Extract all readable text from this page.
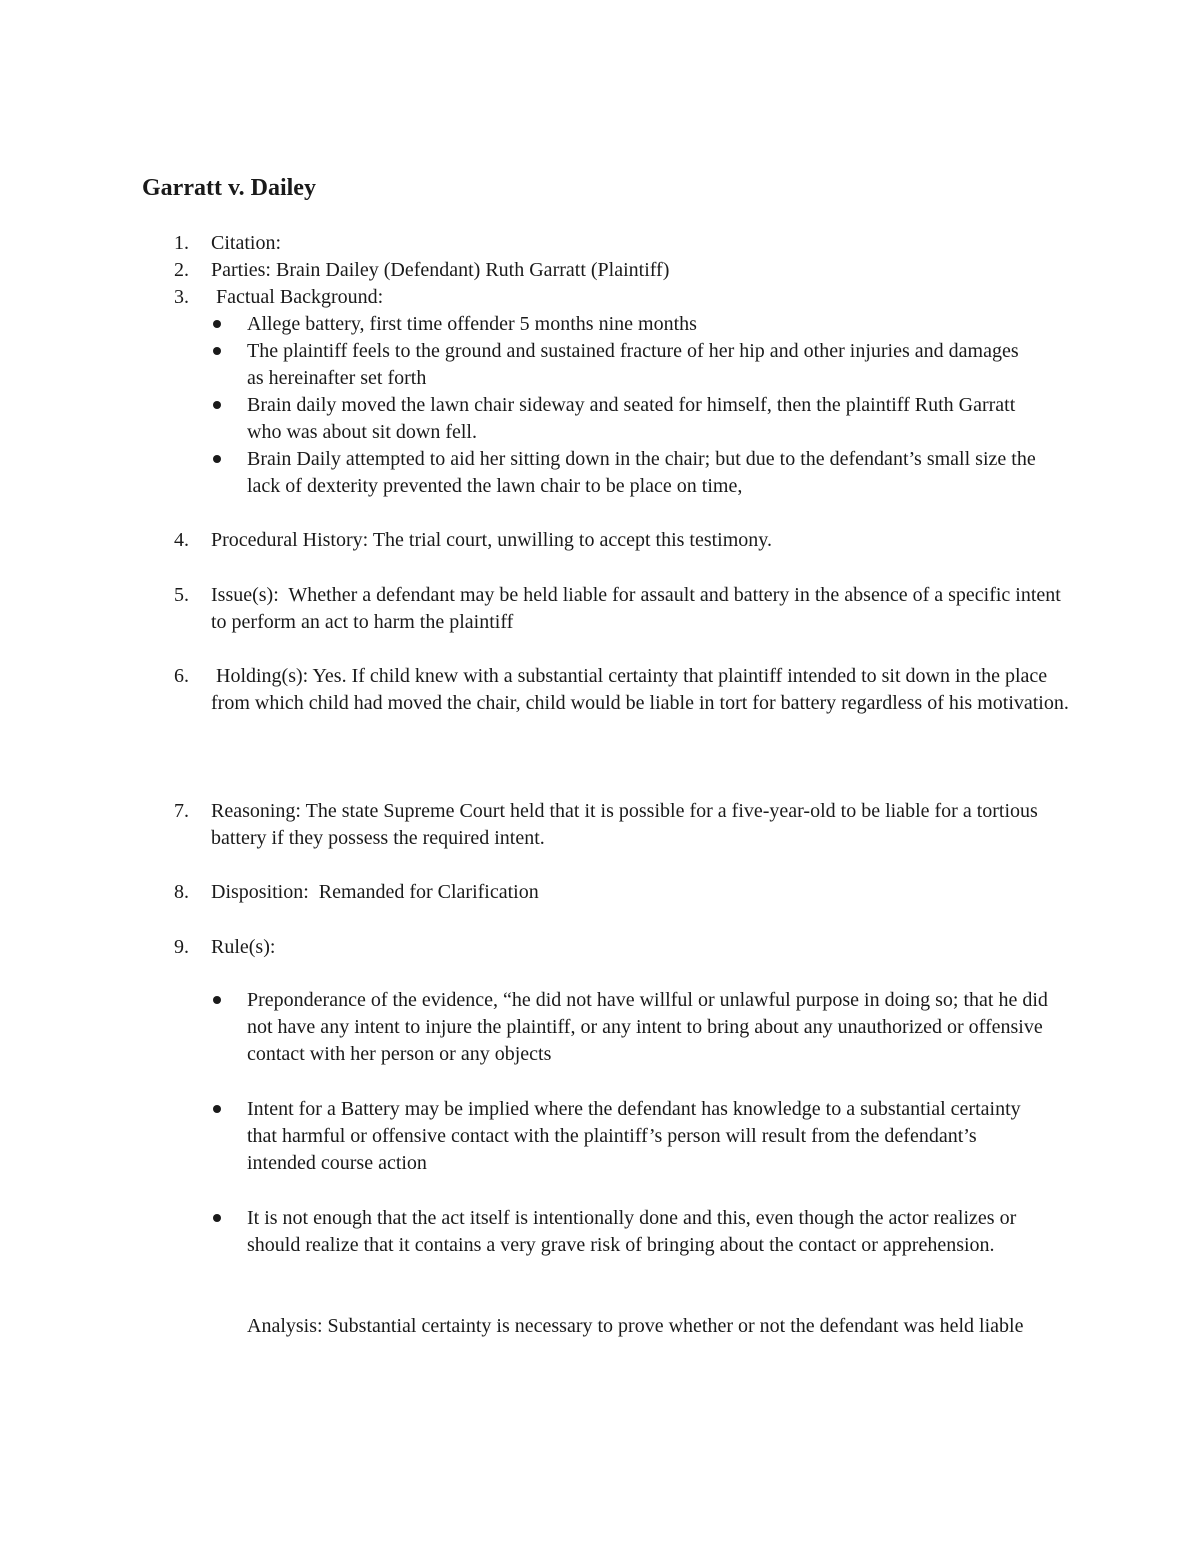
Garratt v. Dailey
1. Citation:
2. Parties: Brain Dailey (Defendant) Ruth Garratt (Plaintiff)
3. Factual Background:
Allege battery, first time offender 5 months nine months
The plaintiff feels to the ground and sustained fracture of her hip and other injuries and damages as hereinafter set forth
Brain daily moved the lawn chair sideway and seated for himself, then the plaintiff Ruth Garratt who was about sit down fell.
Brain Daily attempted to aid her sitting down in the chair; but due to the defendant’s small size the lack of dexterity prevented the lawn chair to be place on time,
4. Procedural History: The trial court, unwilling to accept this testimony.
5. Issue(s):  Whether a defendant may be held liable for assault and battery in the absence of a specific intent to perform an act to harm the plaintiff
6. Holding(s): Yes. If child knew with a substantial certainty that plaintiff intended to sit down in the place from which child had moved the chair, child would be liable in tort for battery regardless of his motivation.
7. Reasoning: The state Supreme Court held that it is possible for a five-year-old to be liable for a tortious battery if they possess the required intent.
8. Disposition:  Remanded for Clarification
9. Rule(s):
Preponderance of the evidence, “he did not have willful or unlawful purpose in doing so; that he did not have any intent to injure the plaintiff, or any intent to bring about any unauthorized or offensive contact with her person or any objects
Intent for a Battery may be implied where the defendant has knowledge to a substantial certainty that harmful or offensive contact with the plaintiff’s person will result from the defendant’s intended course action
It is not enough that the act itself is intentionally done and this, even though the actor realizes or should realize that it contains a very grave risk of bringing about the contact or apprehension.
Analysis: Substantial certainty is necessary to prove whether or not the defendant was held liable
